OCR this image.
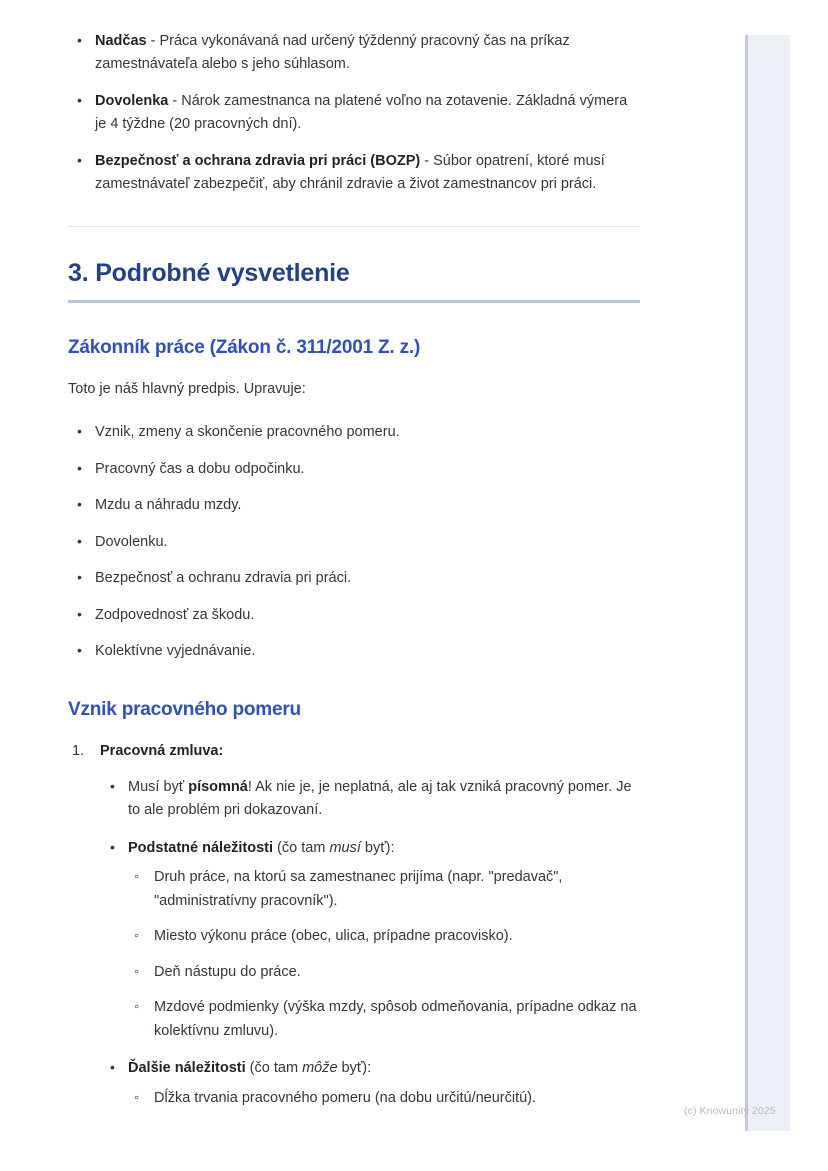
• Nadčas - Práca vykonávaná nad určený týždenný pracovný čas na príkaz zamestnávateľa alebo s jeho súhlasom.
• Dovolenka - Nárok zamestnanca na platené voľno na zotavenie. Základná výmera je 4 týždne (20 pracovných dní).
• Bezpečnosť a ochrana zdravia pri práci (BOZP) - Súbor opatrení, ktoré musí zamestnávateľ zabezpečiť, aby chránil zdravie a život zamestnancov pri práci.
3. Podrobné vysvetlenie
Zákonník práce (Zákon č. 311/2001 Z. z.)

Toto je náš hlavný predpis. Upravuje:

• Vznik, zmeny a skončenie pracovného pomeru.
• Pracovný čas a dobu odpočinku.
• Mzdu a náhradu mzdy.
• Dovolenku.
• Bezpečnosť a ochranu zdravia pri práci.
• Zodpovednosť za škodu.
• Kolektívne vyjednávanie.
Vznik pracovného pomeru
1. Pracovná zmluva:
• Musí byť písomná! Ak nie je, je neplatná, ale aj tak vzniká pracovný pomer. Je to ale problém pri dokazovaní.
• Podstatné náležitosti (čo tam musí byť):
◦ Druh práce, na ktorú sa zamestnanec prijíma (napr. "predavač", "administratívny pracovník").
◦ Miesto výkonu práce (obec, ulica, prípadne pracovisko).
◦ Deň nástupu do práce.
◦ Mzdové podmienky (výška mzdy, spôsob odmeňovania, prípadne odkaz na kolektívnu zmluvu).
• Ďalšie náležitosti (čo tam môže byť):
◦ Dĺžka trvania pracovného pomeru (na dobu určitú/neurčitú).
(c) Knowunity 2025
